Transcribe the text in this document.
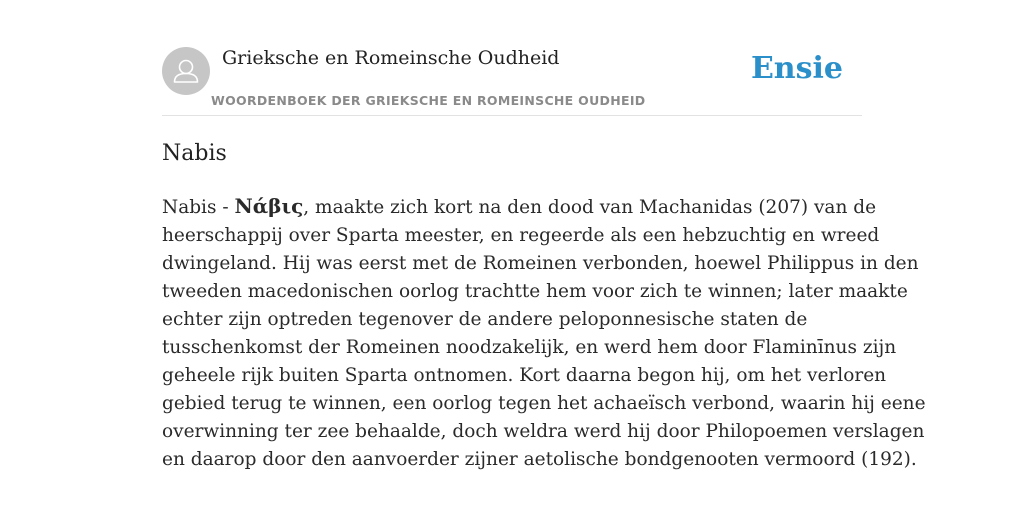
Grieksche en Romeinsche Oudheid
WOORDENBOEK DER GRIEKSCHE EN ROMEINSCHE OUDHEID
Ensie
Nabis
Nabis - Νάβις, maakte zich kort na den dood van Machanidas (207) van de
heerschappij over Sparta meester, en regeerde als een hebzuchtig en wreed
dwingeland. Hij was eerst met de Romeinen verbonden, hoewel Philippus in den
tweeden macedonischen oorlog trachtte hem voor zich te winnen; later maakte
echter zijn optreden tegenover de andere peloponnesische staten de
tusschenkomst der Romeinen noodzakelijk, en werd hem door Flaminīnus zijn
geheele rijk buiten Sparta ontnomen. Kort daarna begon hij, om het verloren
gebied terug te winnen, een oorlog tegen het achaeïsch verbond, waarin hij eene
overwinning ter zee behaalde, doch weldra werd hij door Philopoemen verslagen
en daarop door den aanvoerder zijner aetolische bondgenooten vermoord (192).
